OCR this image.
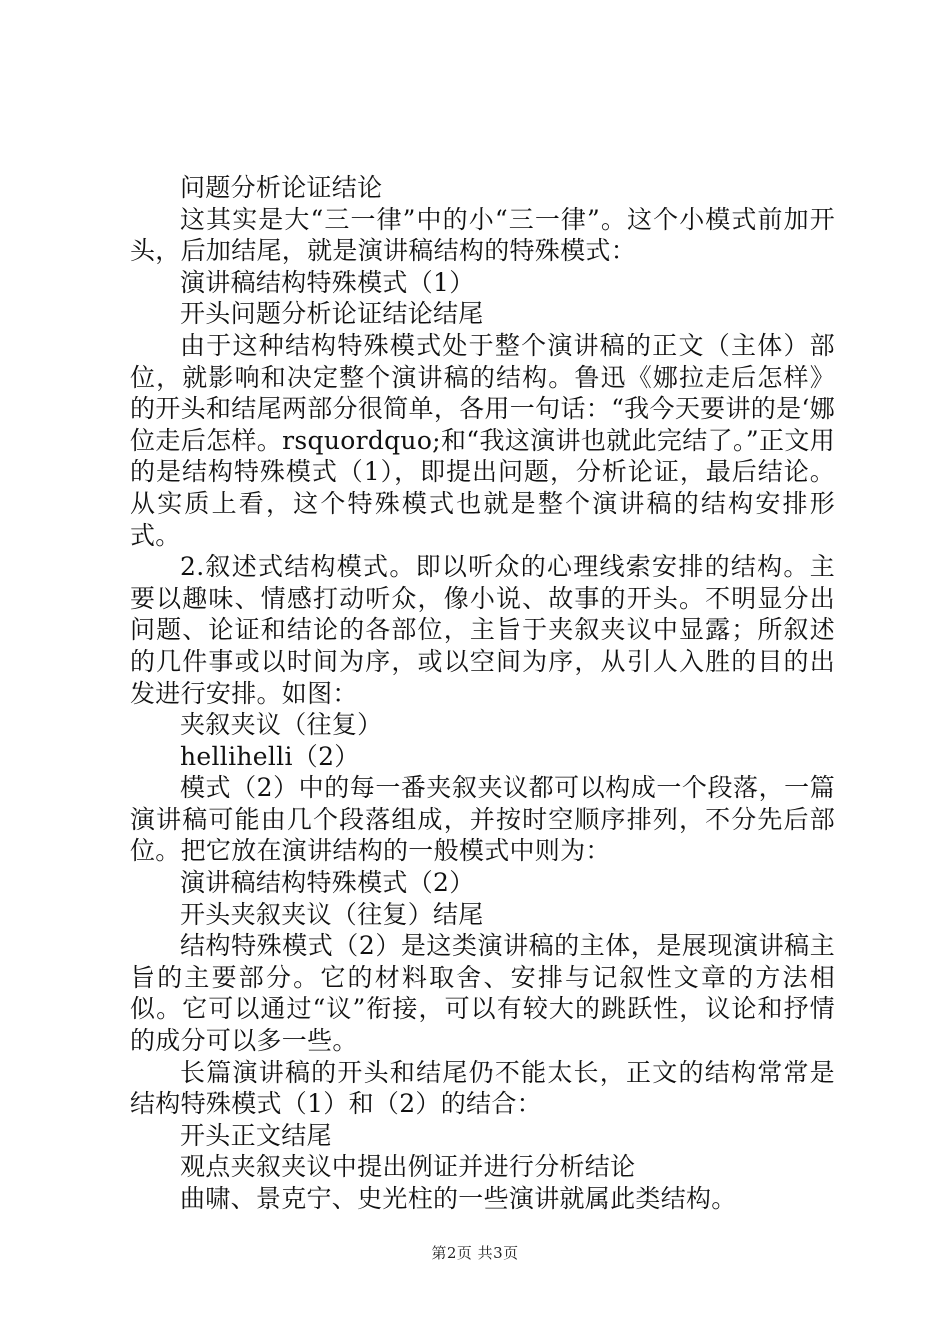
问题分析论证结论

这其实是大“三一律”中的小“三一律”。这个小模式前加开头，后加结尾，就是演讲稿结构的特殊模式：

演讲稿结构特殊模式（1）

开头问题分析论证结论结尾

由于这种结构特殊模式处于整个演讲稿的正文（主体）部位，就影响和决定整个演讲稿的结构。鲁迅《娜拉走后怎样》的开头和结尾两部分很简单，各用一句话：“我今天要讲的是‘娜位走后怎样。rsquordquo;和“我这演讲也就此完结了。”正文用的是结构特殊模式（1），即提出问题，分析论证，最后结论。从实质上看，这个特殊模式也就是整个演讲稿的结构安排形式。

2.叙述式结构模式。即以听众的心理线索安排的结构。主要以趣味、情感打动听众，像小说、故事的开头。不明显分出问题、论证和结论的各部位，主旨于夹叙夹议中显露；所叙述的几件事或以时间为序，或以空间为序，从引人入胜的目的出发进行安排。如图：

夹叙夹议（往复）

hellihelli（2）

模式（2）中的每一番夹叙夹议都可以构成一个段落，一篇演讲稿可能由几个段落组成，并按时空顺序排列，不分先后部位。把它放在演讲结构的一般模式中则为：

演讲稿结构特殊模式（2）

开头夹叙夹议（往复）结尾

结构特殊模式（2）是这类演讲稿的主体，是展现演讲稿主旨的主要部分。它的材料取舍、安排与记叙性文章的方法相似。它可以通过“议”衔接，可以有较大的跳跃性，议论和抒情的成分可以多一些。

长篇演讲稿的开头和结尾仍不能太长，正文的结构常常是结构特殊模式（1）和（2）的结合：

开头正文结尾

观点夹叙夹议中提出例证并进行分析结论

曲啸、景克宁、史光柱的一些演讲就属此类结构。

第2页 共3页
